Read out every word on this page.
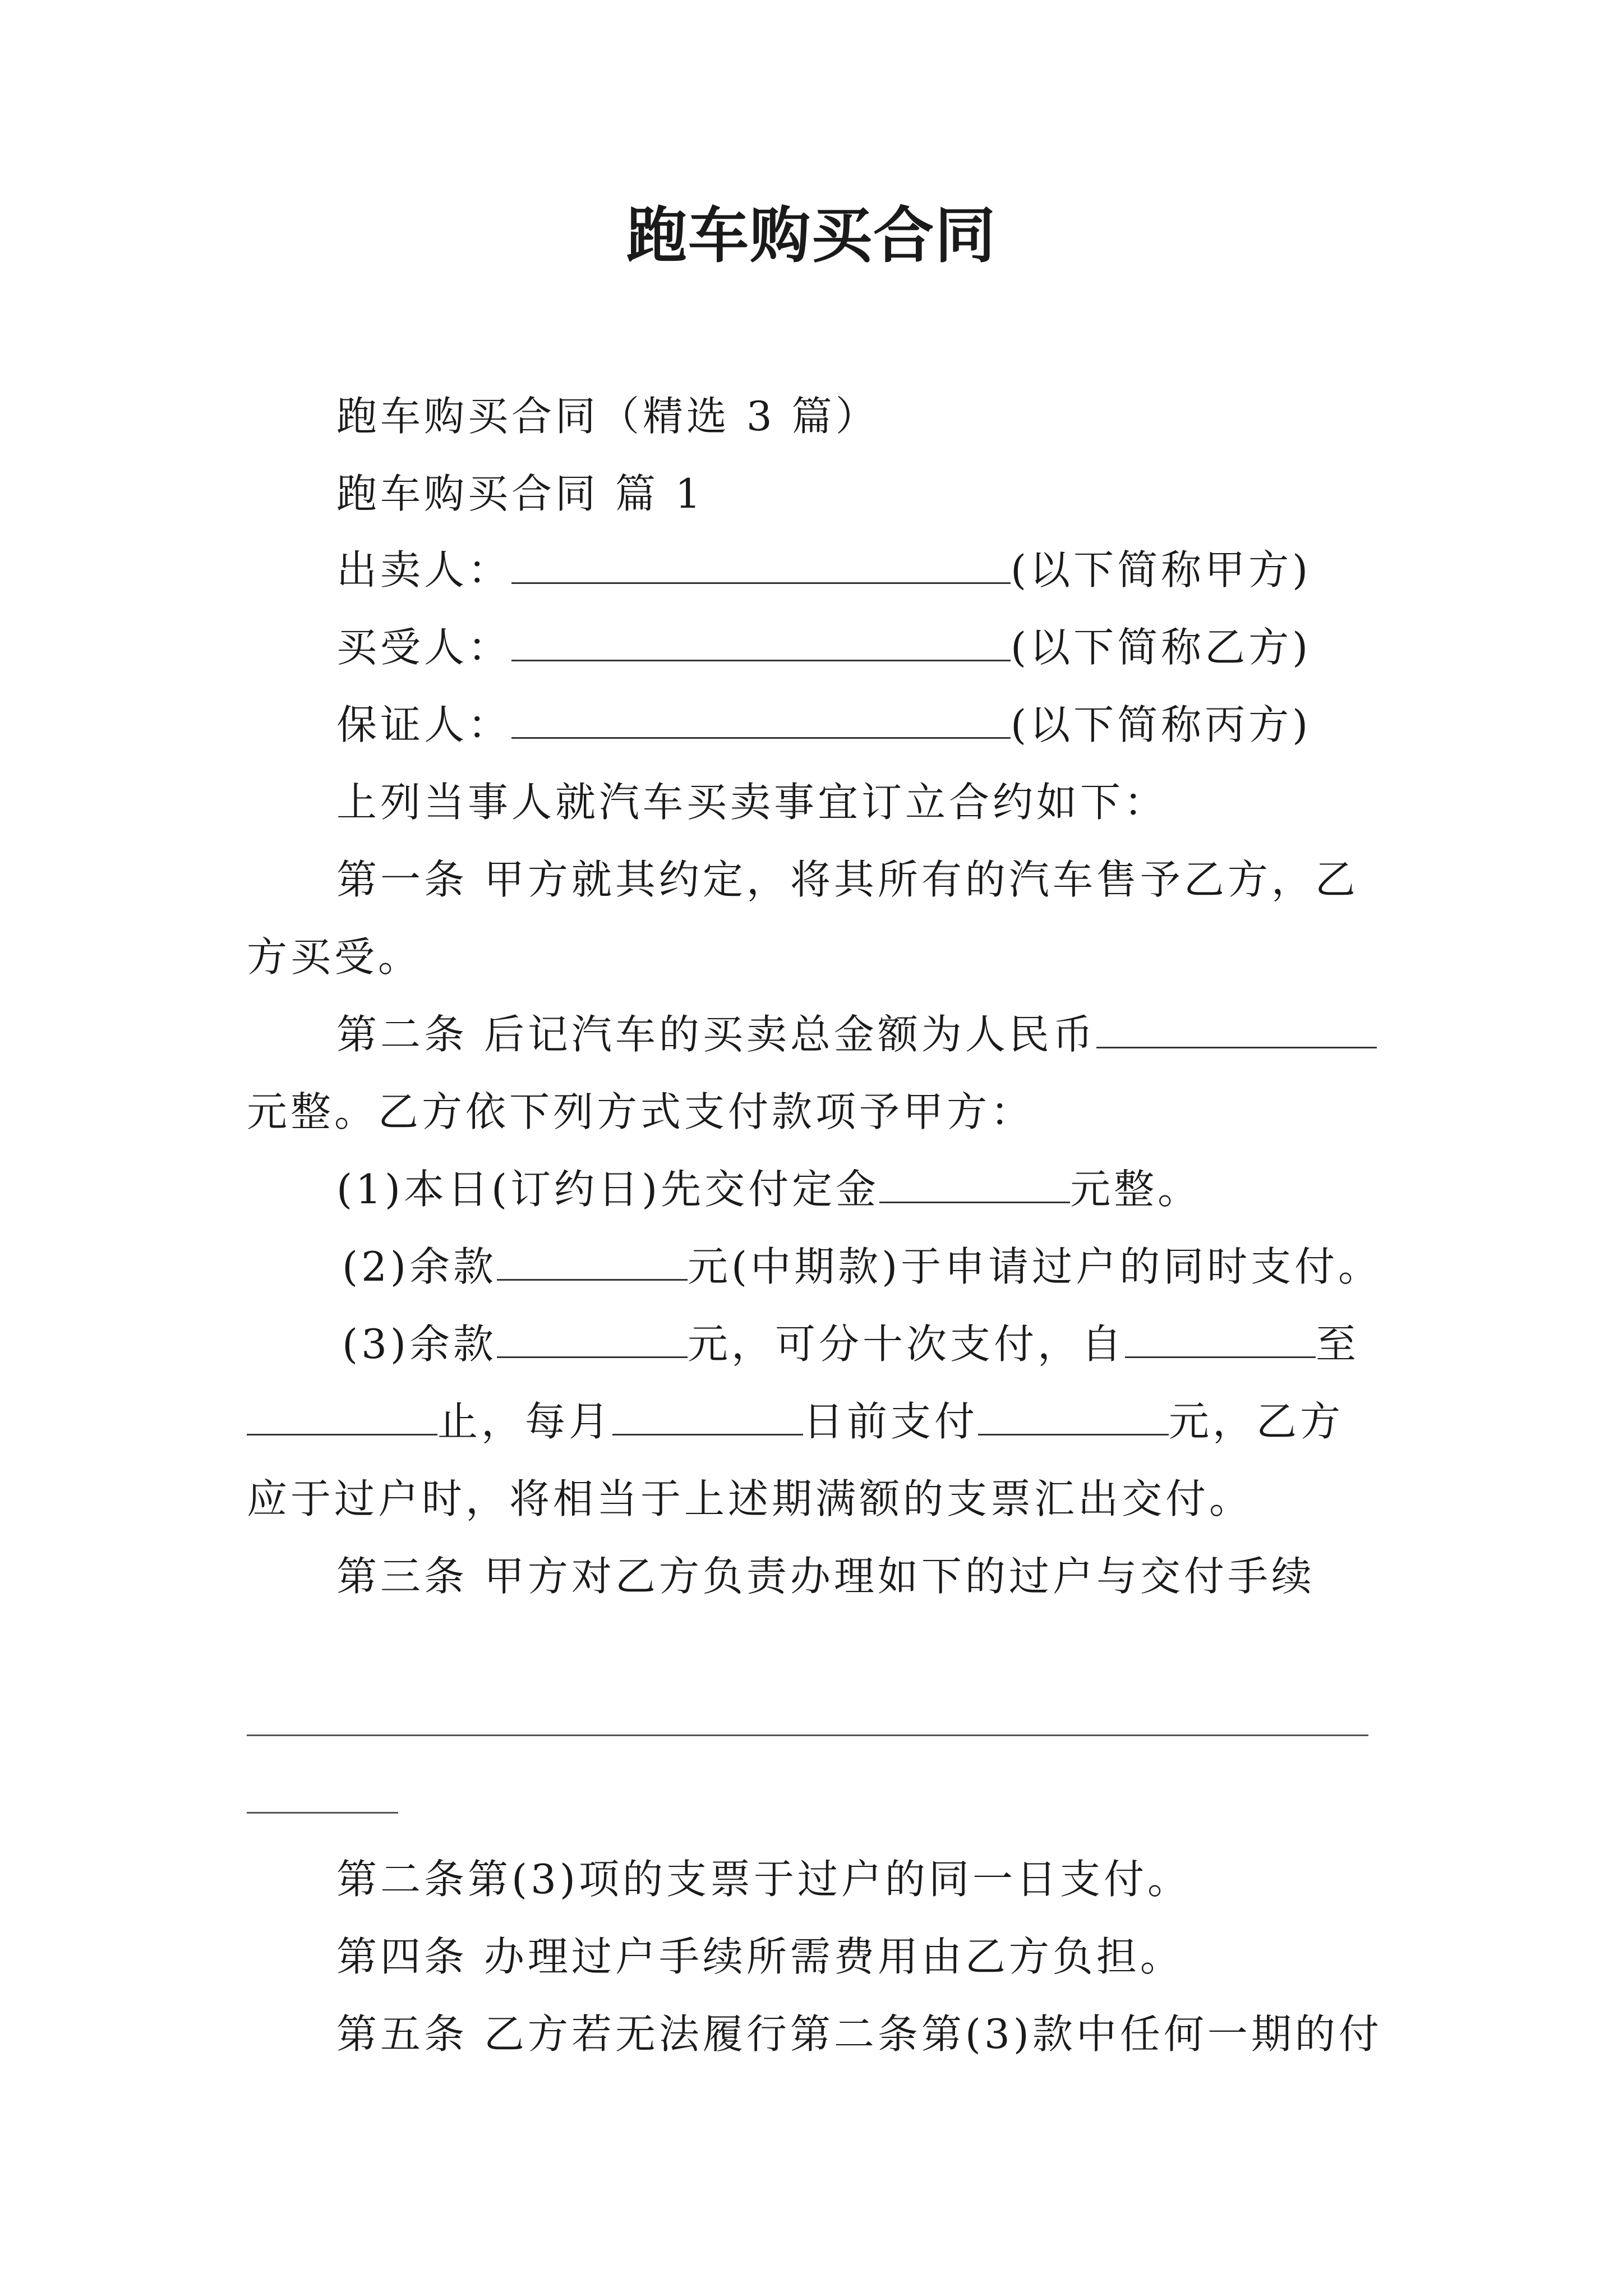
跑车购买合同
跑车购买合同（精选 3 篇）
跑车购买合同 篇 1
出卖人：	(以下简称甲方)
买受人：	(以下简称乙方)
保证人：	(以下简称丙方)
上列当事人就汽车买卖事宜订立合约如下：
第一条 甲方就其约定，将其所有的汽车售予乙方，乙
方买受。
第二条 后记汽车的买卖总金额为人民币
元整。乙方依下列方式支付款项予甲方：
(1)本日(订约日)先交付定金	元整。
(2)余款	元(中期款)于申请过户的同时支付。
(3)余款	元，可分十次支付，自	至
止，每月	日前支付	元，乙方
应于过户时，将相当于上述期满额的支票汇出交付。
第三条 甲方对乙方负责办理如下的过户与交付手续
第二条第(3)项的支票于过户的同一日支付。
第四条 办理过户手续所需费用由乙方负担。
第五条 乙方若无法履行第二条第(3)款中任何一期的付
